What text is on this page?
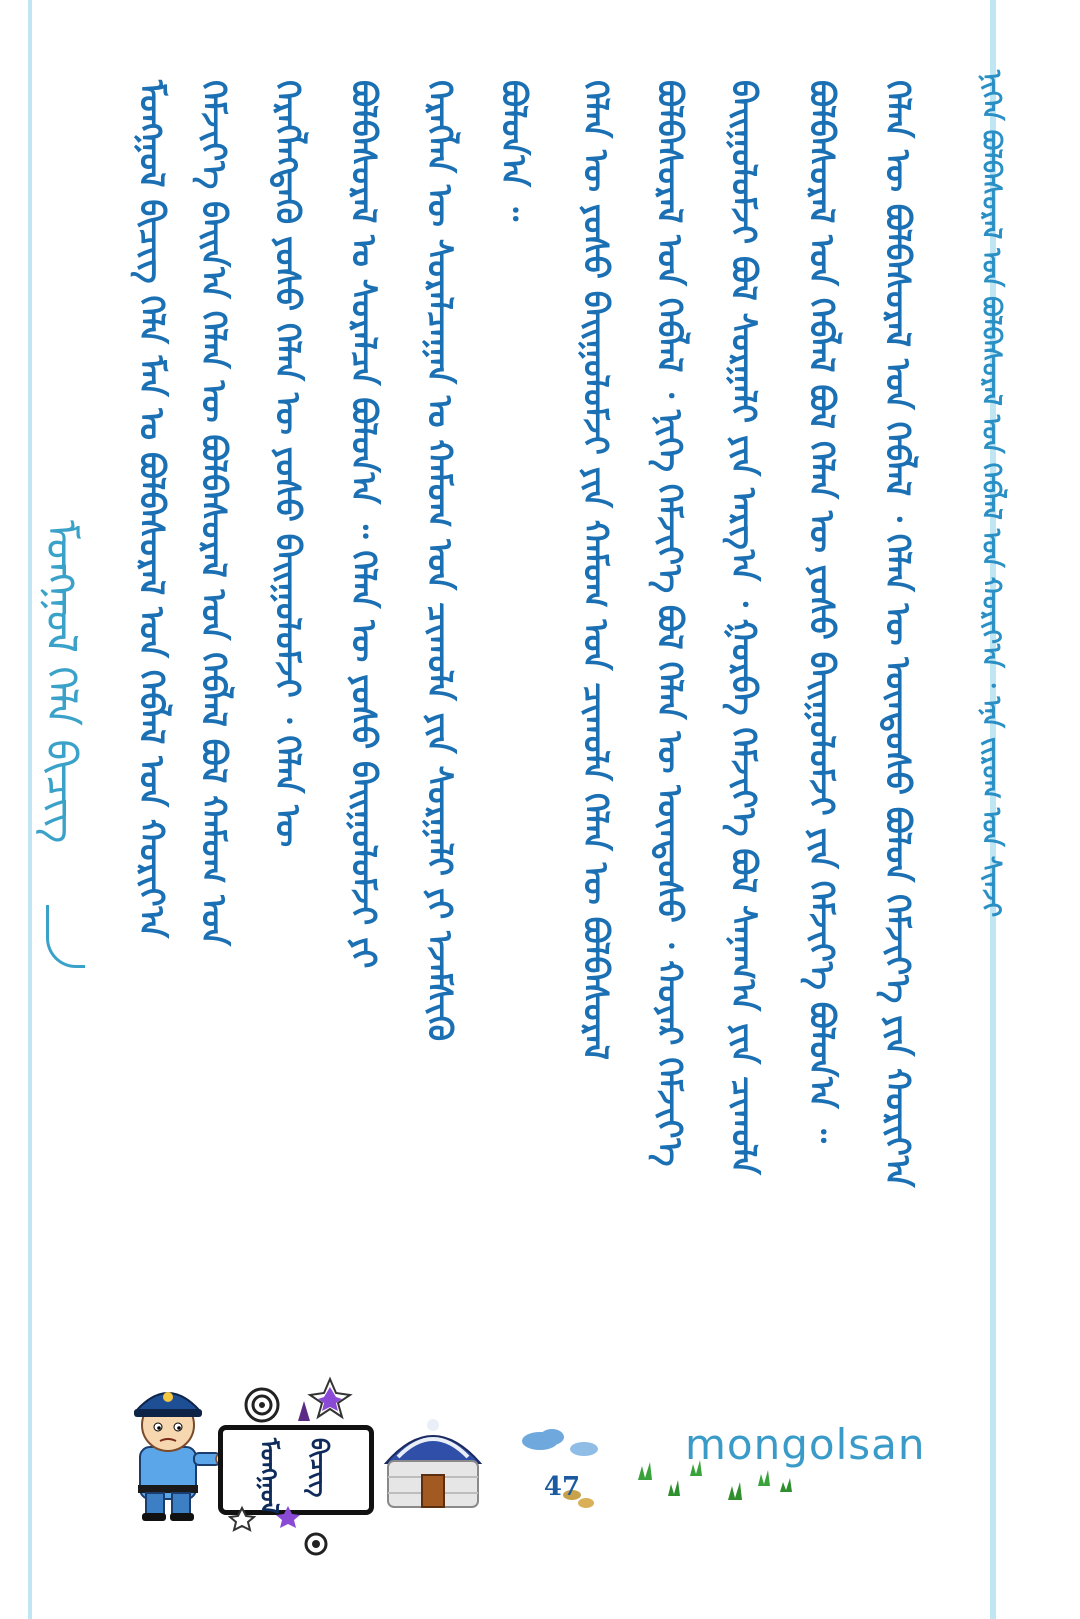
ᠮᠣᠩᠭᠣᠯ ᠬᠡᠯᠡ ᠪᠢᠴᠢᠭ ᠮᠣᠩᠭᠣᠯ ᠪᠢᠴᠢᠭ᠌ ᠬᠡᠯᠡ ᠮᠠᠨ ᠤ ᠪᠣᠯᠪᠠᠰᠤᠷᠠᠯ ᠤᠨ ᠬᠡᠪᠯᠡᠯ ᠤᠨ ᠬᠣᠷᠢᠶ᠎ᠠ ᠬᠡᠮᠵᠢᠶ᠎ᠡ ᠪᠠᠢᠨ᠎ᠠ ᠬᠡᠯᠡᠨ ᠦ ᠪᠣᠯᠪᠠᠰᠤᠷᠠᠯ ᠤᠨ ᠬᠡᠪᠯᠡᠯ ᠪᠣᠯ ᠬᠠᠮᠤᠭ ᠤᠨ ᠬᠡᠷᠡᠭᠯᠡᠭᠳᠡᠬᠦ ᠶᠣᠰᠣ ᠬᠡᠯᠡᠨ ᠦ ᠶᠣᠰᠣ ᠪᠠᠢᠭᠤᠯᠤᠮᠵᠢ ᠂ ᠬᠡᠯᠡᠨ ᠦ ᠪᠣᠯᠪᠠᠰᠤᠷᠠᠯ ᠤ ᠰᠤᠷᠠᠯᠴᠠ ᠪᠣᠯᠤᠨ᠎ᠠ ᠃ ᠬᠡᠯᠡᠨ ᠦ ᠶᠣᠰᠣ ᠪᠠᠢᠭᠤᠯᠤᠮᠵᠢ ᠶᠢ ᠬᠡᠷᠡᠭᠯᠡᠨ ᠦ ᠰᠤᠷᠠᠯᠴᠠᠭᠠᠨ ᠤ ᠬᠠᠮᠤᠭ ᠤᠨ ᠴᠢᠬᠤᠯᠠ ᠶᠢᠨ ᠰᠤᠷᠭᠠᠯᠢ ᠶᠢ ᠡᠵᠡᠮᠰᠢᠬᠦ ᠪᠣᠯᠤᠨ᠎ᠠ ᠃ ᠬᠡᠯᠡᠨ ᠦ ᠶᠣᠰᠣ ᠪᠠᠢᠭᠤᠯᠤᠮᠵᠢ ᠶᠢᠨ ᠬᠠᠮᠤᠭ ᠤᠨ ᠴᠢᠬᠤᠯᠠ ᠬᠡᠯᠡᠨ ᠦ ᠪᠣᠯᠪᠠᠰᠤᠷᠠᠯ ᠪᠣᠯᠪᠠᠰᠤᠷᠠᠯ ᠤᠨ ᠬᠡᠪᠯᠡᠯ ᠂ ᠨᠢᠭᠡ ᠬᠡᠮᠵᠢᠶ᠎ᠡ ᠪᠣᠯ ᠬᠡᠯᠡᠨ ᠦ ᠦᠨᠳᠦᠰᠦ ᠂ ᠬᠣᠶᠠᠷ ᠬᠡᠮᠵᠢᠶ᠎ᠡ ᠪᠠᠢᠭᠤᠯᠤᠮᠵᠢ ᠪᠣᠯ ᠰᠤᠷᠭᠠᠯᠢ ᠶᠢᠨ ᠠᠷᠭ᠎ᠠ ᠂ ᠭᠤᠷᠪᠠ ᠬᠡᠮᠵᠢᠶ᠎ᠡ ᠪᠣᠯ ᠰᠠᠨᠠᠭ᠎ᠠ ᠶᠢᠨ ᠴᠢᠬᠤᠯᠠ ᠪᠣᠯᠪᠠᠰᠤᠷᠠᠯ ᠤᠨ ᠬᠡᠪᠯᠡᠯ ᠪᠣᠯ ᠬᠡᠯᠡᠨ ᠦ ᠶᠣᠰᠣ ᠪᠠᠢᠭᠤᠯᠤᠮᠵᠢ ᠶᠢᠨ ᠬᠡᠮᠵᠢᠶ᠎ᠡ ᠪᠣᠯᠤᠨ᠎ᠠ ᠃ ᠬᠡᠯᠡᠨ ᠦ ᠪᠣᠯᠪᠠᠰᠤᠷᠠᠯ ᠤᠨ ᠬᠡᠪᠯᠡᠯ ᠂ ᠬᠡᠯᠡᠨ ᠦ ᠦᠨᠳᠦᠰᠦ ᠪᠣᠯᠤᠨ ᠬᠡᠮᠵᠢᠶ᠎ᠡ ᠶᠢᠨ ᠬᠣᠷᠢᠶ᠎ᠠ ᠨᠢᠭᠡᠨ ᠪᠣᠯᠪᠠᠰᠤᠷᠠᠯ ᠤᠨ ᠪᠣᠯᠪᠠᠰᠤᠷᠠᠯ ᠤᠨ ᠬᠡᠪᠯᠡᠯ ᠤᠨ ᠬᠣᠷᠢᠶ᠎ᠠ ᠂ ᠡᠨᠡ ᠵᠢᠷᠤᠭ ᠤᠨ ᠰᠢᠨᠵᠢ
ᠮᠣᠩᠭᠣᠯ ᠪᠢᠴᠢᠭ	47
mongolsan
